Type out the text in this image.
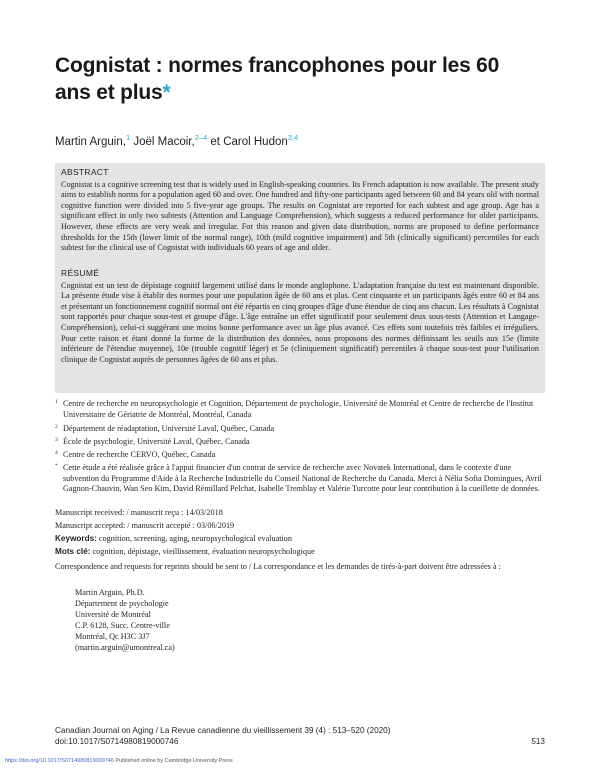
Cognistat : normes francophones pour les 60 ans et plus*
Martin Arguin,$^1$ Joël Macoir,$^{2-4}$ et Carol Hudon$^{3,4}$
ABSTRACT

Cognistat is a cognitive screening test that is widely used in English-speaking countries. Its French adaptation is now available. The present study aims to establish norms for a population aged 60 and over. One hundred and fifty-one participants aged between 60 and 84 years old with normal cognitive function were divided into 5 five-year age groups. The results on Cognistat are reported for each subtest and age group. Age has a significant effect in only two subtests (Attention and Language Comprehension), which suggests a reduced performance for older participants. However, these effects are very weak and irregular. For this reason and given data distribution, norms are proposed to define performance thresholds for the 15th (lower limit of the normal range), 10th (mild cognitive impairment) and 5th (clinically significant) percentiles for each subtest for the clinical use of Cognistat with individuals 60 years of age and older.

RÉSUMÉ

Cognistat est un test de dépistage cognitif largement utilisé dans le monde anglophone. L'adaptation française du test est maintenant disponible. La présente étude vise à établir des normes pour une population âgée de 60 ans et plus. Cent cinquante et un participants âgés entre 60 et 84 ans et présentant un fonctionnement cognitif normal ont été répartis en cinq groupes d'âge d'une étendue de cinq ans chacun. Les résultats à Cognistat sont rapportés pour chaque sous-test et groupe d'âge. L'âge entraîne un effet significatif pour seulement deux sous-tests (Attention et Langage-Compréhension), celui-ci suggérant une moins bonne performance avec un âge plus avancé. Ces effets sont toutefois très faibles et irréguliers. Pour cette raison et étant donné la forme de la distribution des données, nous proposons des normes définissant les seuils aux 15e (limite inférieure de l'étendue moyenne), 10e (trouble cognitif léger) et 5e (cliniquement significatif) percentiles à chaque sous-test pour l'utilisation clinique de Cognistat auprès de personnes âgées de 60 ans et plus.

1 Centre de recherche en neuropsychologie et Cognition, Département de psychologie, Université de Montréal et Centre de recherche de l'Institut Universitaire de Gériatrie de Montréal, Montréal, Canada
2 Département de réadaptation, Université Laval, Québec, Canada
3 École de psychologie, Université Laval, Québec, Canada
4 Centre de recherche CERVO, Québec, Canada
* Cette étude a été réalisée grâce à l'appui financier d'un contrat de service de recherche avec Novatek International, dans le contexte d'une subvention du Programme d'Aide à la Recherche Industrielle du Conseil National de Recherche du Canada. Merci à Nélia Sofia Domingues, Avril Gagnon-Chauvin, Wan Seo Kim, David Rémillard Pelchat, Isabelle Tremblay et Valérie Turcotte pour leur contribution à la cueillette de données.
Manuscript received: / manuscrit reçu : 14/03/2018
Manuscript accepted: / manuscrit accepté : 03/06/2019
Keywords: cognition, screening, aging, neuropsychological evaluation
Mots clé: cognition, dépistage, vieillissement, évaluation neuropsychologique
Correspondence and requests for reprints should be sent to / La correspondance et les demandes de tirés-à-part doivent être adressées à :
Martin Arguin, Ph.D.
Département de psychologie
Université de Montréal
C.P. 6128, Succ. Centre-ville
Montréal, Qc H3C 3J7
(martin.arguin@umontreal.ca)
Canadian Journal on Aging / La Revue canadienne du vieillissement 39 (4) : 513–520 (2020)
doi:10.1017/S0714980819000746	513
https://doi.org/10.1017/S0714980819000746 Published online by Cambridge University Press
